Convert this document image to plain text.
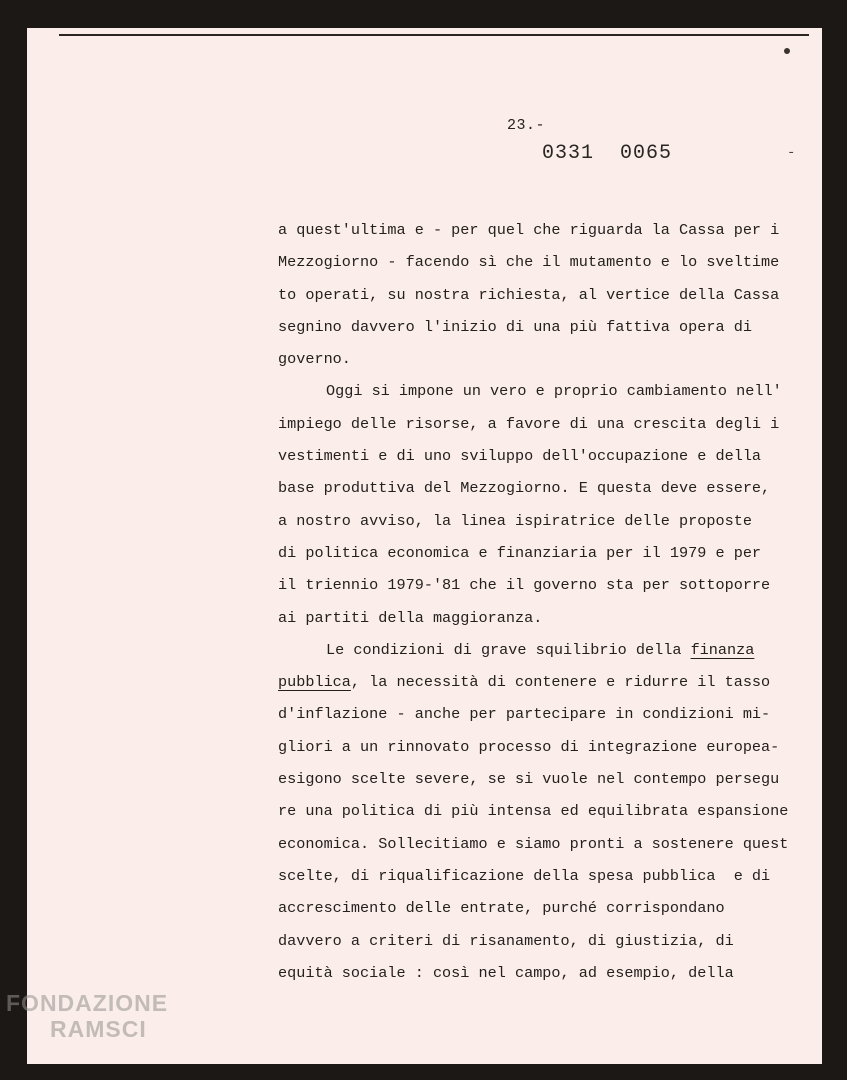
23.-
0331  0065	-
a quest'ultima e - per quel che riguarda la Cassa per i
Mezzogiorno - facendo sì che il mutamento e lo sveltime
to operati, su nostra richiesta, al vertice della Cassa
segnino davvero l'inizio di una più fattiva opera di
governo.
Oggi si impone un vero e proprio cambiamento nell'
impiego delle risorse, a favore di una crescita degli i
vestimenti e di uno sviluppo dell'occupazione e della
base produttiva del Mezzogiorno. E questa deve essere,
a nostro avviso, la linea ispiratrice delle proposte
di politica economica e finanziaria per il 1979 e per
il triennio 1979-'81 che il governo sta per sottoporre
ai partiti della maggioranza.
Le condizioni di grave squilibrio della finanza
pubblica, la necessità di contenere e ridurre il tasso
d'inflazione - anche per partecipare in condizioni mi-
gliori a un rinnovato processo di integrazione europea-
esigono scelte severe, se si vuole nel contempo persegu
re una politica di più intensa ed equilibrata espansione
economica. Sollecitiamo e siamo pronti a sostenere quest
scelte, di riqualificazione della spesa pubblica  e di
accrescimento delle entrate, purché corrispondano
davvero a criteri di risanamento, di giustizia, di
equità sociale : così nel campo, ad esempio, della
FONDAZIONE
RAMSCI
